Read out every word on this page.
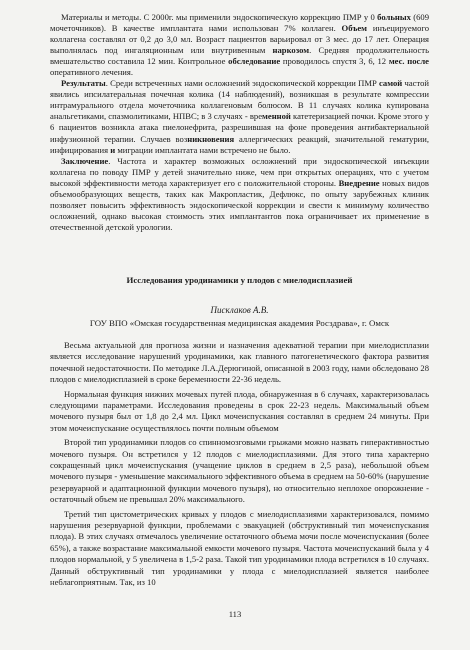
Материалы и методы. С 2000г. мы применили эндоскопическую коррекцию ПМР у 0 больных (609 мочеточников). В качестве имплантата нами использован 7% коллаген. Объем инъецируемого коллагена составлял от 0,2 до 3,0 мл. Возраст пациентов варьировал от 3 мес. до 17 лет. Операция выполнялась под ингаляционным или внутривенным наркозом. Средняя продолжительность вмешательство составила 12 мин. Контрольное обследование проводилось спустя 3, 6, 12 мес. после оперативного лечения.

Результаты. Среди встреченных нами осложнений эндоскопической коррекции ПМР самой частой явились ипсилатеральная почечная колика (14 наблюдений), возникшая в результате компрессии интрамурального отдела мочеточника коллагеновым болюсом. В 11 случаях колика купирована анальгетиками, спазмолитиками, НПВС; в 3 случаях - временной катетеризацией почки. Кроме этого у 6 пациентов возникла атака пиелонефрита, разрешившая на фоне проведения антибактериальной инфузионной терапии. Случаев возникновения аллергических реакций, значительной гематурии, инфицирования и миграции имплантата нами встречено не было.

Заключение. Частота и характер возможных осложнений при эндоскопической инъекции коллагена по поводу ПМР у детей значительно ниже, чем при открытых операциях, что с учетом высокой эффективности метода характеризует его с положительной стороны. Внедрение новых видов объемообразующих веществ, таких как Макропластик, Дефлюкс, по опыту зарубежных клиник позволяет повысить эффективность эндоскопической коррекции и свести к минимуму количество осложнений, однако высокая стоимость этих имплантантов пока ограничивает их применение в отечественной детской урологии.

Исследования уродинамики у плодов с миелодисплазией
Писклаков А.В.
ГОУ ВПО «Омская государственная медицинская академия Росздрава», г. Омск

Весьма актуальной для прогноза жизни и назначения адекватной терапии при миелодисплазии является исследование нарушений уродинамики, как главного патогенетического фактора развития почечной недостаточности. По методике Л.А.Дерюгиной, описанной в 2003 году, нами обследовано 28 плодов с миелодисплазией в сроке беременности 22-36 недель.

Нормальная функция нижних мочевых путей плода, обнаруженная в 6 случаях, характеризовалась следующими параметрами. Исследования проведены в срок 22-23 недель. Максимальный объем мочевого пузыря был от 1,8 до 2,4 мл. Цикл мочеиспускания составлял в среднем 24 минуты. При этом мочеиспускание осуществлялось почти полным объемом

Второй тип уродинамики плодов со спинномозговыми грыжами можно назвать гиперактивностью мочевого пузыря. Он встретился у 12 плодов с миелодисплазиями. Для этого типа характерно сокращенный цикл мочеиспускания (учащение циклов в среднем в 2,5 раза), небольшой объем мочевого пузыря - уменьшение максимального эффективного объема в среднем на 50-60% (нарушение резервуарной и адаптационной функции мочевого пузыря), но относительно неплохое опорожнение - остаточный объем не превышал 20% максимального.

Третий тип цистометрических кривых у плодов с миелодисплазиями характеризовался, помимо нарушения резервуарной функции, проблемами с эвакуацией (обструктивный тип мочеиспускания плода). В этих случаях отмечалось увеличение остаточного объема мочи после мочеиспускания (более 65%), а также возрастание максимальной емкости мочевого пузыря. Частота мочеиспусканий была у 4 плодов нормальной, у 5 увеличена в 1,5-2 раза. Такой тип уродинамики плода встретился в 10 случаях. Данный обструктивный тип уродинамики у плода с миелодисплазией является наиболее неблагоприятным. Так, из 10

113
